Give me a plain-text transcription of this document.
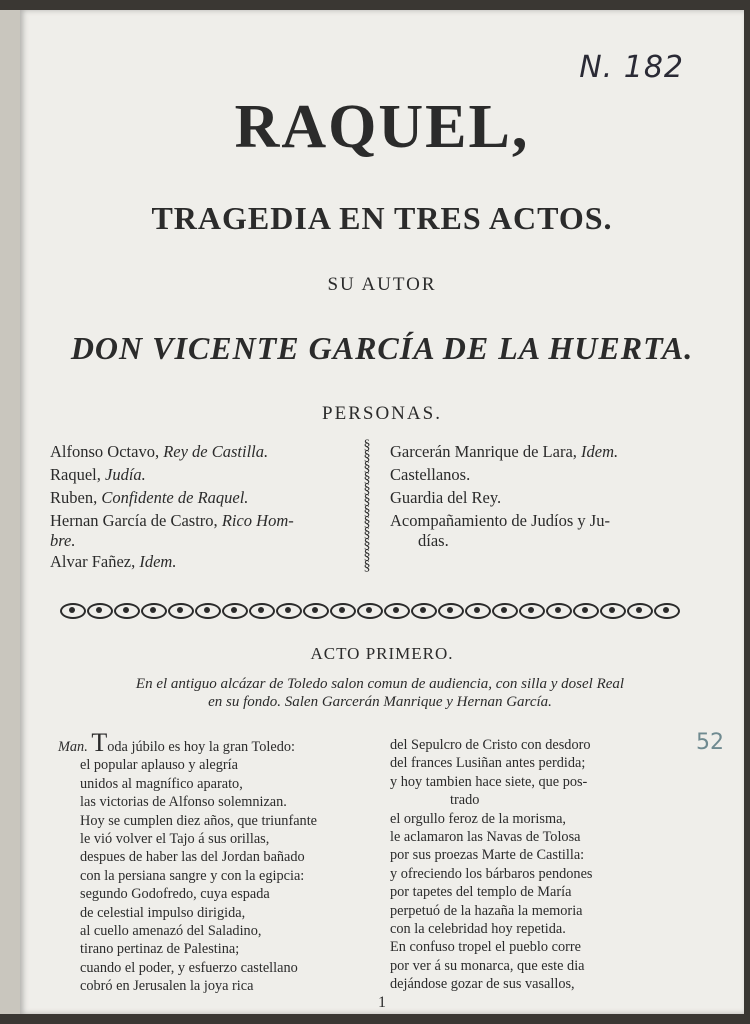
N. 182
52
RAQUEL,
TRAGEDIA EN TRES ACTOS.
SU AUTOR
DON VICENTE GARCÍA DE LA HUERTA.
PERSONAS.
Alfonso Octavo, Rey de Castilla.
Raquel, Judía.
Ruben, Confidente de Raquel.
Hernan García de Castro, Rico Hom-
bre.
Alvar Fañez, Idem.
§
§
§
§
§
§
§
§
§
§
§
§
Garcerán Manrique de Lara, Idem.
Castellanos.
Guardia del Rey.
Acompañamiento de Judíos y Ju-
días.
ACTO PRIMERO.
En el antiguo alcázar de Toledo salon comun de audiencia, con silla y dosel Real
en su fondo. Salen Garcerán Manrique y Hernan García.
Man. Toda júbilo es hoy la gran Toledo:
el popular aplauso y alegría
unidos al magnífico aparato,
las victorias de Alfonso solemnizan.
Hoy se cumplen diez años, que triunfante
le vió volver el Tajo á sus orillas,
despues de haber las del Jordan bañado
con la persiana sangre y con la egipcia:
segundo Godofredo, cuya espada
de celestial impulso dirigida,
al cuello amenazó del Saladino,
tirano pertinaz de Palestina;
cuando el poder, y esfuerzo castellano
cobró en Jerusalen la joya rica
del Sepulcro de Cristo con desdoro
del frances Lusiñan antes perdida;
y hoy tambien hace siete, que pos-
trado
el orgullo feroz de la morisma,
le aclamaron las Navas de Tolosa
por sus proezas Marte de Castilla:
y ofreciendo los bárbaros pendones
por tapetes del templo de María
perpetuó de la hazaña la memoria
con la celebridad hoy repetida.
En confuso tropel el pueblo corre
por ver á su monarca, que este dia
dejándose gozar de sus vasallos,
1
